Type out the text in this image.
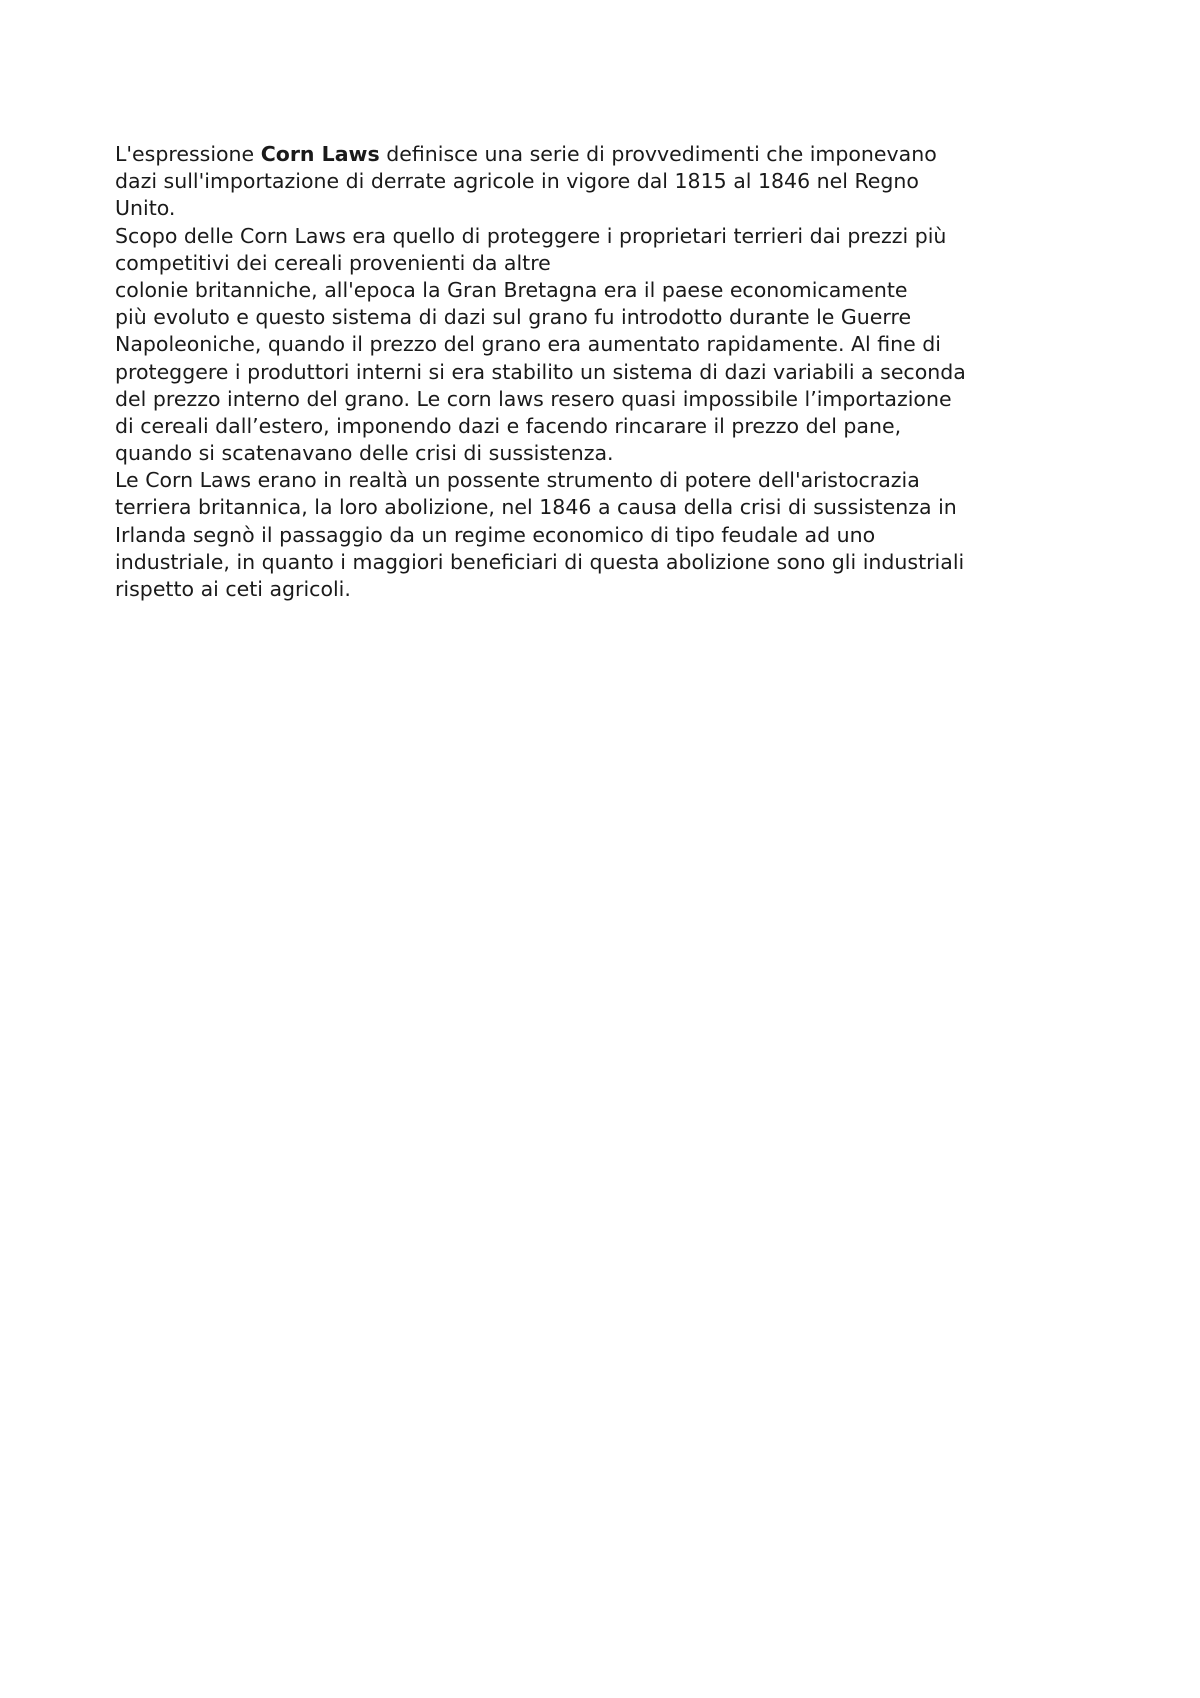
L'espressione Corn Laws definisce una serie di provvedimenti che imponevano
dazi sull'importazione di derrate agricole in vigore dal 1815 al 1846 nel Regno
Unito.
Scopo delle Corn Laws era quello di proteggere i proprietari terrieri dai prezzi più
competitivi dei cereali provenienti da altre
colonie britanniche, all'epoca la Gran Bretagna era il paese economicamente
più evoluto e questo sistema di dazi sul grano fu introdotto durante le Guerre
Napoleoniche, quando il prezzo del grano era aumentato rapidamente. Al fine di
proteggere i produttori interni si era stabilito un sistema di dazi variabili a seconda
del prezzo interno del grano. Le corn laws resero quasi impossibile l’importazione
di cereali dall’estero, imponendo dazi e facendo rincarare il prezzo del pane,
quando si scatenavano delle crisi di sussistenza.
Le Corn Laws erano in realtà un possente strumento di potere dell'aristocrazia
terriera britannica, la loro abolizione, nel 1846 a causa della crisi di sussistenza in
Irlanda segnò il passaggio da un regime economico di tipo feudale ad uno
industriale, in quanto i maggiori beneficiari di questa abolizione sono gli industriali
rispetto ai ceti agricoli.
